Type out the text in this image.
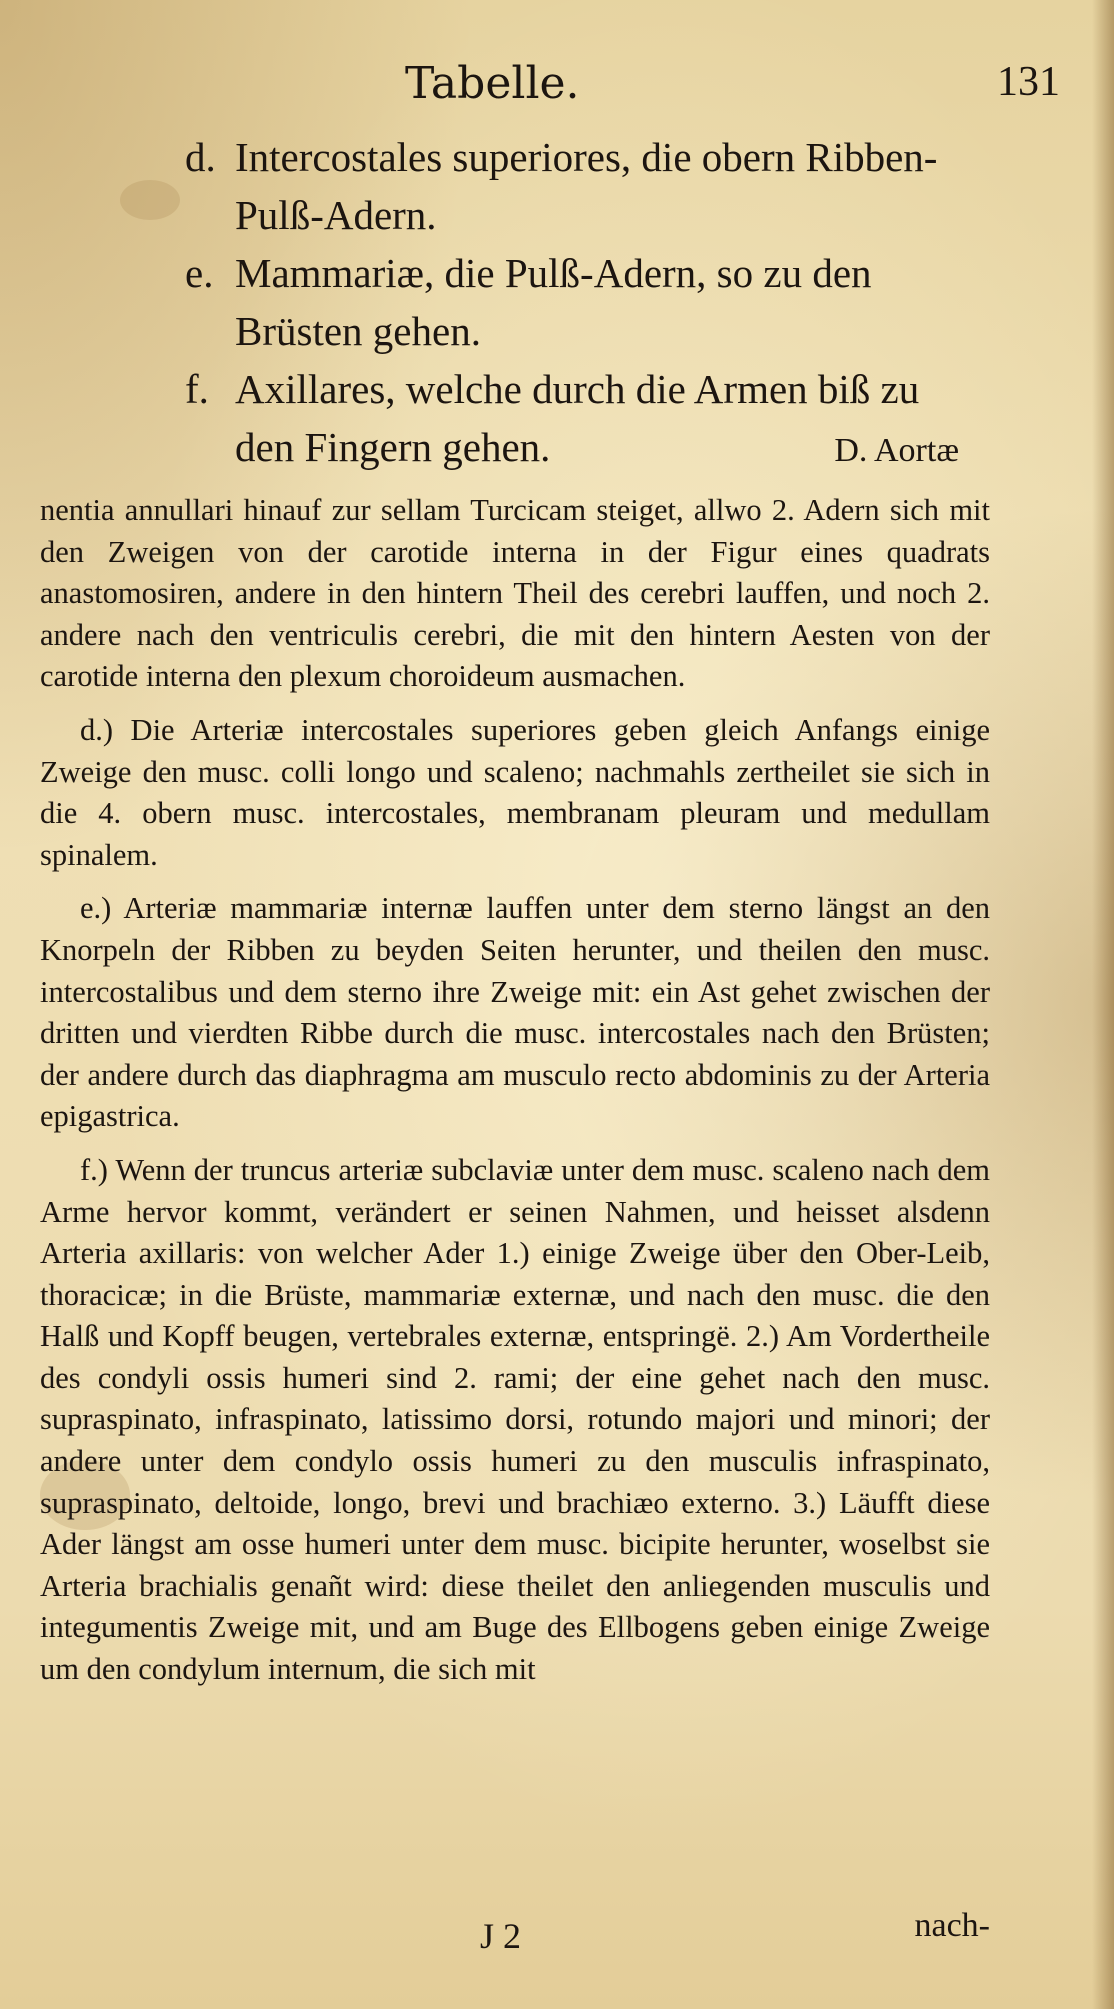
Tabelle.	131
d. Intercostales superiores, die obern Ribben-Pulß-Adern.
e. Mammariæ, die Pulß-Adern, so zu den Brüsten gehen.
f. Axillares, welche durch die Armen biß zu den Fingern gehen.	D. Aortæ

nentia annullari hinauf zur sellam Turcicam steiget, allwo 2. Adern sich mit den Zweigen von der carotide interna in der Figur eines quadrats anastomosiren, andere in den hintern Theil des cerebri lauffen, und noch 2. andere nach den ventriculis cerebri, die mit den hintern Aesten von der carotide interna den plexum choroideum ausmachen.

d.) Die Arteriæ intercostales superiores geben gleich Anfangs einige Zweige den musc. colli longo und scaleno; nachmahls zertheilet sie sich in die 4. obern musc. intercostales, membranam pleuram und medullam spinalem.

e.) Arteriæ mammariæ internæ lauffen unter dem sterno längst an den Knorpeln der Ribben zu beyden Seiten herunter, und theilen den musc. intercostalibus und dem sterno ihre Zweige mit: ein Ast gehet zwischen der dritten und vierdten Ribbe durch die musc. intercostales nach den Brüsten; der andere durch das diaphragma am musculo recto abdominis zu der Arteria epigastrica.

f.) Wenn der truncus arteriæ subclaviæ unter dem musc. scaleno nach dem Arme hervor kommt, verändert er seinen Nahmen, und heisset alsdenn Arteria axillaris: von welcher Ader 1.) einige Zweige über den Ober-Leib, thoracicæ; in die Brüste, mammariæ externæ, und nach den musc. die den Halß und Kopff beugen, vertebrales externæ, entspringë. 2.) Am Vordertheile des condyli ossis humeri sind 2. rami; der eine gehet nach den musc. supraspinato, infraspinato, latissimo dorsi, rotundo majori und minori; der andere unter dem condylo ossis humeri zu den musculis infraspinato, supraspinato, deltoide, longo, brevi und brachiæo externo. 3.) Läufft diese Ader längst am osse humeri unter dem musc. bicipite herunter, woselbst sie Arteria brachialis genañt wird: diese theilet den anliegenden musculis und integumentis Zweige mit, und am Buge des Ellbogens geben einige Zweige um den condylum internum, die sich mit

J 2	nach-
